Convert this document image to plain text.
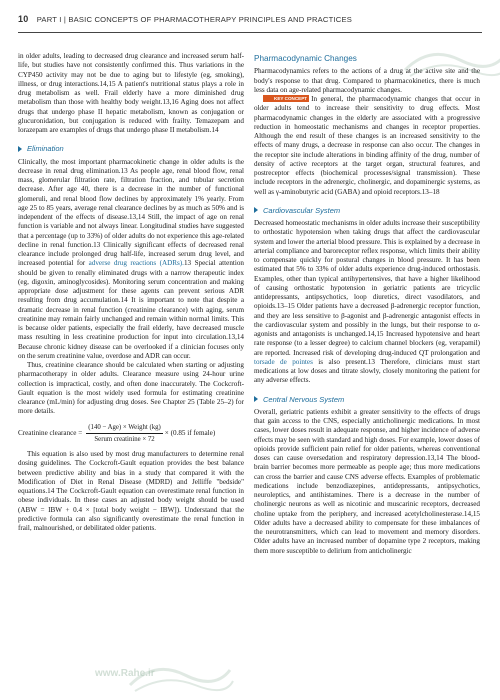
10 PART I | BASIC CONCEPTS OF PHARMACOTHERAPY PRINCIPLES AND PRACTICES

in older adults, leading to decreased drug clearance and increased serum half-life, but studies have not consistently confirmed this. Thus variations in the CYP450 activity may not be due to aging but to lifestyle (eg, smoking), illness, or drug interactions.14,15 A patient's nutritional status plays a role in drug metabolism as well. Frail elderly have a more diminished drug metabolism than those with healthy body weight.13,16 Aging does not affect drugs that undergo phase II hepatic metabolism, known as conjugation or glucuronidation, but conjugation is reduced with frailty. Temazepam and lorazepam are examples of drugs that undergo phase II metabolism.14

Elimination

Clinically, the most important pharmacokinetic change in older adults is the decrease in renal drug elimination.13 As people age, renal blood flow, renal mass, glomerular filtration rate, filtration fraction, and tubular secretion decrease. After age 40, there is a decrease in the number of functional glomeruli, and renal blood flow declines by approximately 1% yearly. From age 25 to 85 years, average renal clearance declines by as much as 50% and is independent of the effects of disease.13,14 Still, the impact of age on renal function is variable and not always linear. Longitudinal studies have suggested that a percentage (up to 33%) of older adults do not experience this age-related decline in renal function.13 Clinically significant effects of decreased renal clearance include prolonged drug half-life, increased serum drug level, and increased potential for adverse drug reactions (ADRs).13 Special attention should be given to renally eliminated drugs with a narrow therapeutic index (eg, digoxin, aminoglycosides). Monitoring serum concentration and making appropriate dose adjustment for these agents can prevent serious ADR resulting from drug accumulation.14 It is important to note that despite a dramatic decrease in renal function (creatinine clearance) with aging, serum creatinine may remain fairly unchanged and remain within normal limits. This is because older patients, especially the frail elderly, have decreased muscle mass resulting in less creatinine production for input into circulation.13,14 Because chronic kidney disease can be overlooked if a clinician focuses only on the serum creatinine value, overdose and ADR can occur.

Thus, creatinine clearance should be calculated when starting or adjusting pharmacotherapy in older adults. Clearance measure using 24-hour urine collection is impractical, costly, and often done inaccurately. The Cockcroft-Gault equation is the most widely used formula for estimating creatinine clearance (mL/min) for adjusting drug doses. See Chapter 25 (Table 25–2) for more details.

Creatinine clearance = $\frac{\text{(140 − Age) × Weight (kg)}}{\text{Serum creatinine × 72}} \times (0.85$ if female)

This equation is also used by most drug manufacturers to determine renal dosing guidelines. The Cockcroft-Gault equation provides the best balance between predictive ability and bias in a study that compared it with the Modification of Diet in Renal Disease (MDRD) and Jelliffe "bedside" equations.14 The Cockcroft-Gault equation can overestimate renal function in obese individuals. In these cases an adjusted body weight should be used (ABW = IBW + 0.4 × [total body weight − IBW]). Understand that the predictive formula can also significantly overestimate the renal function in frail, malnourished, or debilitated older patients.

Pharmacodynamic Changes

Pharmacodynamics refers to the actions of a drug at the active site and the body's response to that drug. Compared to pharmacokinetics, there is much less data on age-related pharmacodynamic changes.

KEY CONCEPT In general, the pharmacodynamic changes that occur in older adults tend to increase their sensitivity to drug effects. Most pharmacodynamic changes in the elderly are associated with a progressive reduction in homeostatic mechanisms and changes in receptor properties. Although the end result of these changes is an increased sensitivity to the effects of many drugs, a decrease in response can also occur. The changes in the receptor site include alterations in binding affinity of the drug, number of density of active receptors at the target organ, structural features, and postreceptor effects (biochemical processes/signal transmission). These include receptors in the adrenergic, cholinergic, and dopaminergic systems, as well as γ-aminobutyric acid (GABA) and opioid receptors.13–18

Cardiovascular System

Decreased homeostatic mechanisms in older adults increase their susceptibility to orthostatic hypotension when taking drugs that affect the cardiovascular system and lower the arterial blood pressure. This is explained by a decrease in arterial compliance and baroreceptor reflex response, which limits their ability to compensate quickly for postural changes in blood pressure. It has been estimated that 5% to 33% of older adults experience drug-induced orthostasis. Examples, other than typical antihypertensives, that have a higher likelihood of causing orthostatic hypotension in geriatric patients are tricyclic antidepressants, antipsychotics, loop diuretics, direct vasodilators, and opioids.13–15 Older patients have a decreased β-adrenergic receptor function, and they are less sensitive to β-agonist and β-adrenergic antagonist effects in the cardiovascular system and possibly in the lungs, but their response to α-agonists and antagonists is unchanged.14,15 Increased hypotensive and heart rate response (to a lesser degree) to calcium channel blockers (eg, verapamil) are reported. Increased risk of developing drug-induced QT prolongation and torsade de pointes is also present.13 Therefore, clinicians must start medications at low doses and titrate slowly, closely monitoring the patient for any adverse effects.

Central Nervous System

Overall, geriatric patients exhibit a greater sensitivity to the effects of drugs that gain access to the CNS, especially anticholinergic medications. In most cases, lower doses result in adequate response, and higher incidence of adverse effects may be seen with standard and high doses. For example, lower doses of opioids provide sufficient pain relief for older patients, whereas conventional doses can cause oversedation and respiratory depression.13,14 The blood-brain barrier becomes more permeable as people age; thus more medications can cross the barrier and cause CNS adverse effects. Examples of problematic medications include benzodiazepines, antidepressants, antipsychotics, neuroleptics, and antihistamines. There is a decrease in the number of cholinergic neurons as well as nicotinic and muscarinic receptors, decreased choline uptake from the periphery, and increased acetylcholinesterase.14,15 Older adults have a decreased ability to compensate for these imbalances of the neurotransmitters, which can lead to movement and memory disorders. Older adults have an increased number of dopamine type 2 receptors, making them more susceptible to delirium from anticholinergic

www.Rahe.ir
